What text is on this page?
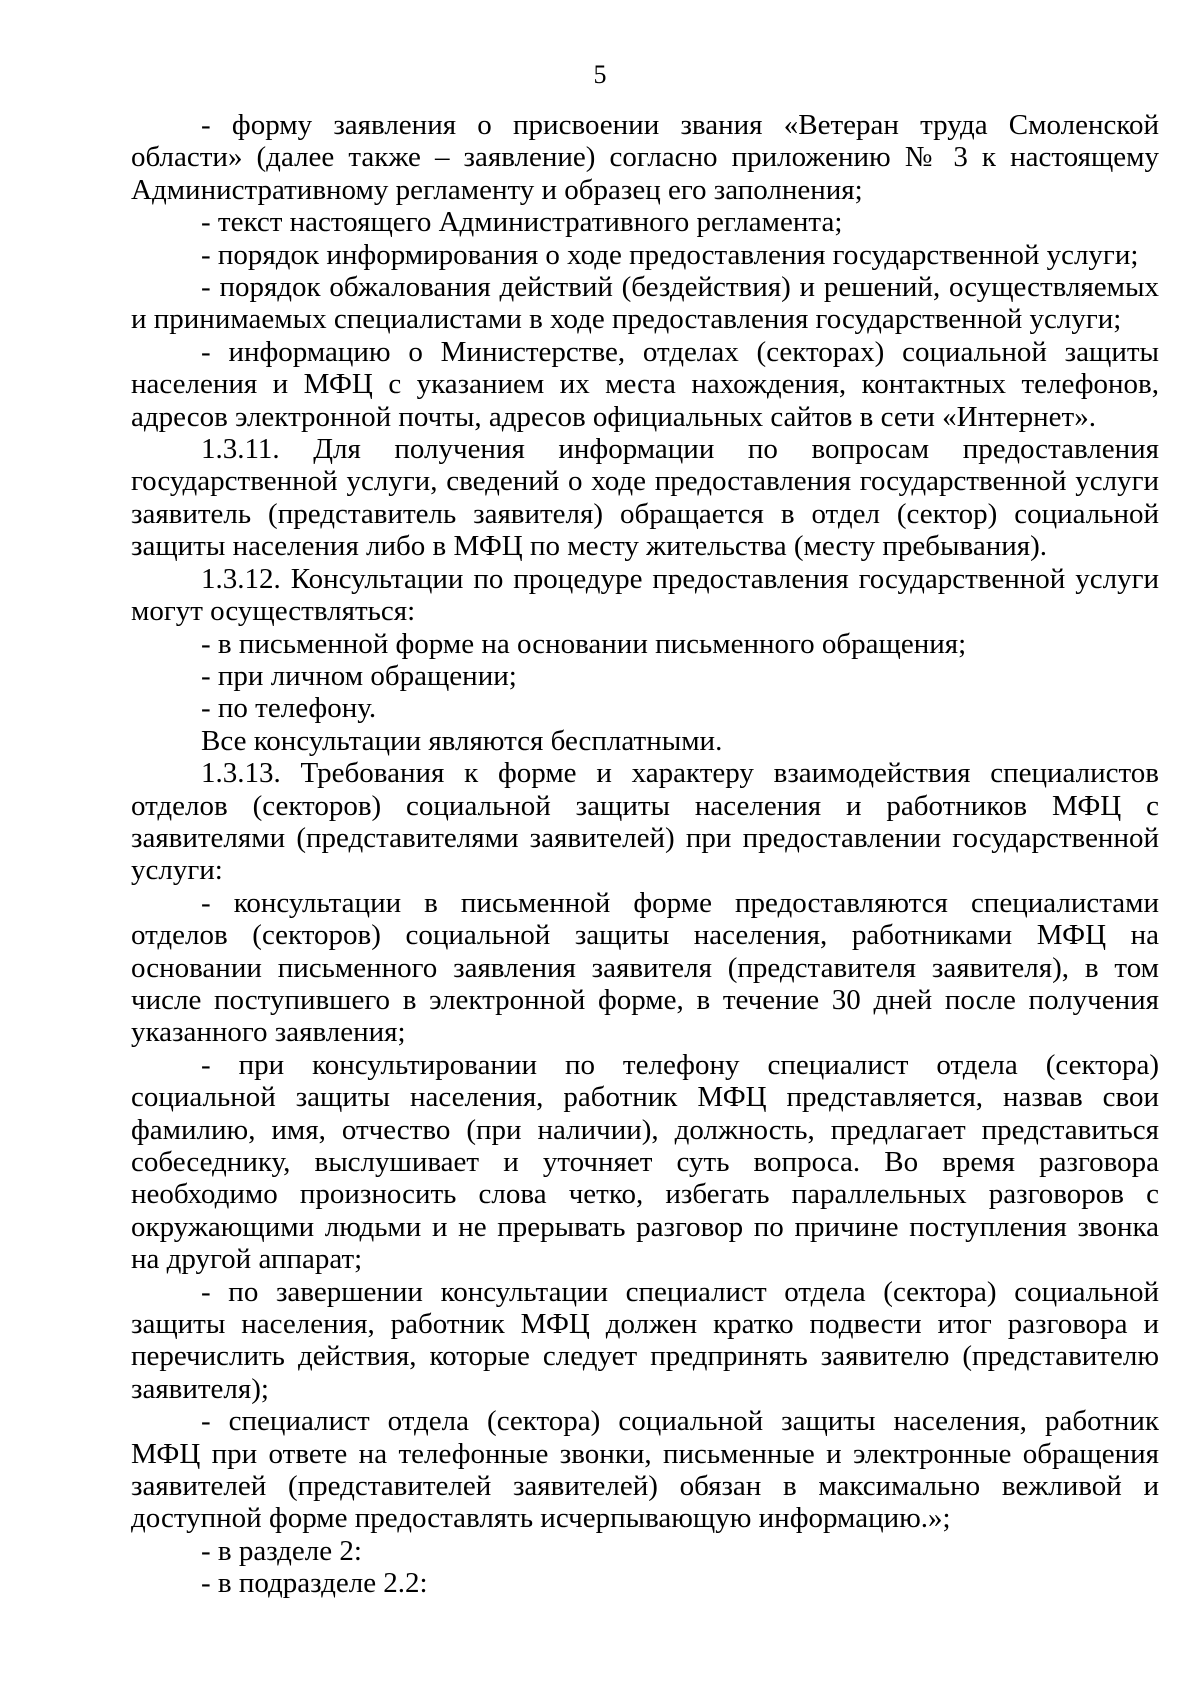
5

- форму заявления о присвоении звания «Ветеран труда Смоленской области» (далее также – заявление) согласно приложению № 3 к настоящему Административному регламенту и образец его заполнения;

- текст настоящего Административного регламента;

- порядок информирования о ходе предоставления государственной услуги;

- порядок обжалования действий (бездействия) и решений, осуществляемых и принимаемых специалистами в ходе предоставления государственной услуги;

- информацию о Министерстве, отделах (секторах) социальной защиты населения и МФЦ с указанием их места нахождения, контактных телефонов, адресов электронной почты, адресов официальных сайтов в сети «Интернет».

1.3.11. Для получения информации по вопросам предоставления государственной услуги, сведений о ходе предоставления государственной услуги заявитель (представитель заявителя) обращается в отдел (сектор) социальной защиты населения либо в МФЦ по месту жительства (месту пребывания).

1.3.12. Консультации по процедуре предоставления государственной услуги могут осуществляться:

- в письменной форме на основании письменного обращения;

- при личном обращении;

- по телефону.

Все консультации являются бесплатными.

1.3.13. Требования к форме и характеру взаимодействия специалистов отделов (секторов) социальной защиты населения и работников МФЦ с заявителями (представителями заявителей) при предоставлении государственной услуги:

- консультации в письменной форме предоставляются специалистами отделов (секторов) социальной защиты населения, работниками МФЦ на основании письменного заявления заявителя (представителя заявителя), в том числе поступившего в электронной форме, в течение 30 дней после получения указанного заявления;

- при консультировании по телефону специалист отдела (сектора) социальной защиты населения, работник МФЦ представляется, назвав свои фамилию, имя, отчество (при наличии), должность, предлагает представиться собеседнику, выслушивает и уточняет суть вопроса. Во время разговора необходимо произносить слова четко, избегать параллельных разговоров с окружающими людьми и не прерывать разговор по причине поступления звонка на другой аппарат;

- по завершении консультации специалист отдела (сектора) социальной защиты населения, работник МФЦ должен кратко подвести итог разговора и перечислить действия, которые следует предпринять заявителю (представителю заявителя);

- специалист отдела (сектора) социальной защиты населения, работник МФЦ при ответе на телефонные звонки, письменные и электронные обращения заявителей (представителей заявителей) обязан в максимально вежливой и доступной форме предоставлять исчерпывающую информацию.»;

- в разделе 2:

- в подразделе 2.2:
